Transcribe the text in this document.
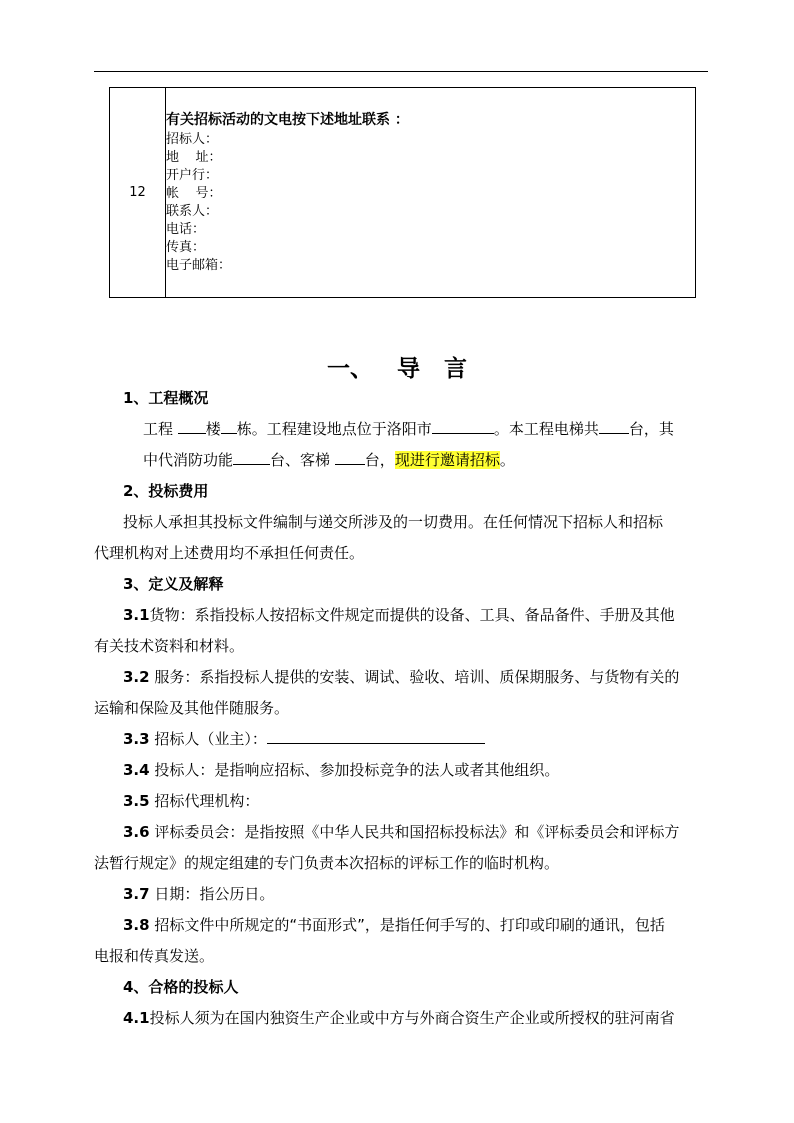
12	
有关招标活动的文电按下述地址联系 ：
招标人：
地    址：
开户行：
帐    号：
联系人：
电话：
传真：
电子邮箱：
一、   导   言
1、工程概况
工程 楼 栋。工程建设地点位于洛阳市	。本工程电梯共 台，其
中代消防功能 台、客梯 台，现进行邀请招标。
2、投标费用
投标人承担其投标文件编制与递交所涉及的一切费用。在任何情况下招标人和招标
代理机构对上述费用均不承担任何责任。
3、定义及解释
3.1货物：系指投标人按招标文件规定而提供的设备、工具、备品备件、手册及其他
有关技术资料和材料。
3.2 服务：系指投标人提供的安装、调试、验收、培训、质保期服务、与货物有关的
运输和保险及其他伴随服务。
3.3 招标人（业主）：
3.4 投标人：是指响应招标、参加投标竞争的法人或者其他组织。
3.5 招标代理机构：
3.6 评标委员会：是指按照《中华人民共和国招标投标法》和《评标委员会和评标方
法暂行规定》的规定组建的专门负责本次招标的评标工作的临时机构。
3.7 日期：指公历日。
3.8 招标文件中所规定的“书面形式”，是指任何手写的、打印或印刷的通讯，包括
电报和传真发送。
4、合格的投标人
4.1投标人须为在国内独资生产企业或中方与外商合资生产企业或所授权的驻河南省
